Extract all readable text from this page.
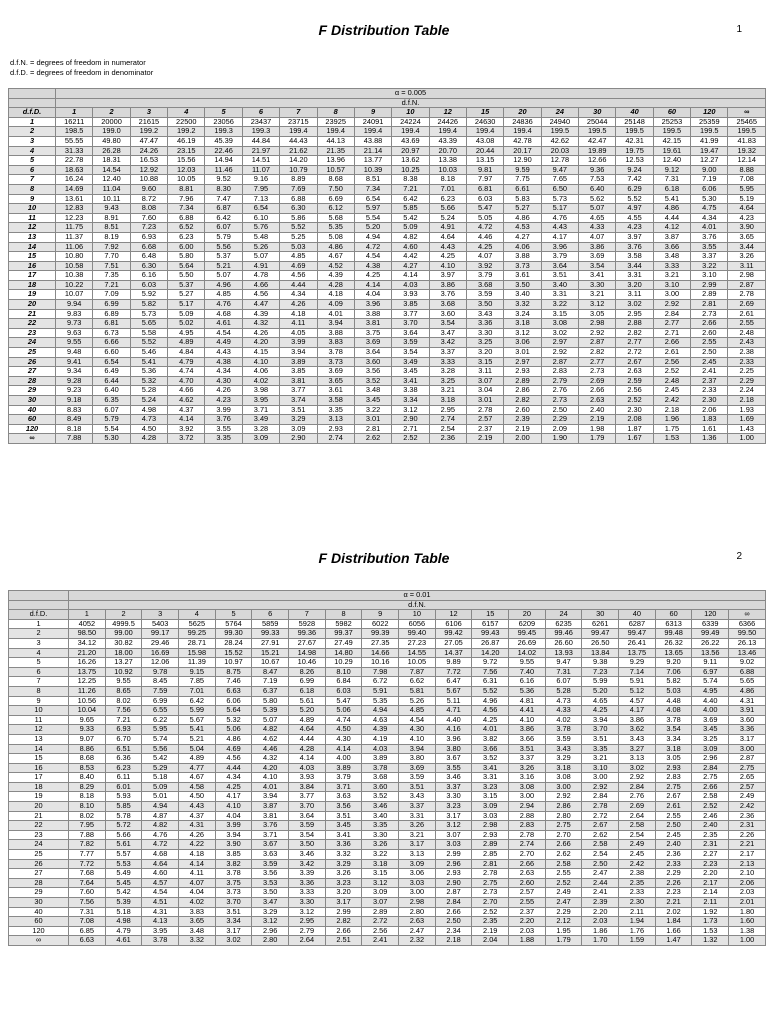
F Distribution Table	1
d.f.N. = degrees of freedom in numerator
d.f.D. = degrees of freedom in denominator
	α = 0.005																		
	d.f.N.																		
d.f.D.	1	2	3	4	5	6	7	8	9	10	12	15	20	24	30	40	60	120	∞
1	16211	20000	21615	22500	23056	23437	23715	23925	24091	24224	24426	24630	24836	24940	25044	25148	25253	25359	25465
2	198.5	199.0	199.2	199.2	199.3	199.3	199.4	199.4	199.4	199.4	199.4	199.4	199.4	199.5	199.5	199.5	199.5	199.5	199.5
3	55.55	49.80	47.47	46.19	45.39	44.84	44.43	44.13	43.88	43.69	43.39	43.08	42.78	42.62	42.47	42.31	42.15	41.99	41.83
4	31.33	26.28	24.26	23.15	22.46	21.97	21.62	21.35	21.14	20.97	20.70	20.44	20.17	20.03	19.89	19.75	19.61	19.47	19.32
5	22.78	18.31	16.53	15.56	14.94	14.51	14.20	13.96	13.77	13.62	13.38	13.15	12.90	12.78	12.66	12.53	12.40	12.27	12.14
6	18.63	14.54	12.92	12.03	11.46	11.07	10.79	10.57	10.39	10.25	10.03	9.81	9.59	9.47	9.36	9.24	9.12	9.00	8.88
7	16.24	12.40	10.88	10.05	9.52	9.16	8.89	8.68	8.51	8.38	8.18	7.97	7.75	7.65	7.53	7.42	7.31	7.19	7.08
8	14.69	11.04	9.60	8.81	8.30	7.95	7.69	7.50	7.34	7.21	7.01	6.81	6.61	6.50	6.40	6.29	6.18	6.06	5.95
9	13.61	10.11	8.72	7.96	7.47	7.13	6.88	6.69	6.54	6.42	6.23	6.03	5.83	5.73	5.62	5.52	5.41	5.30	5.19
10	12.83	9.43	8.08	7.34	6.87	6.54	6.30	6.12	5.97	5.85	5.66	5.47	5.27	5.17	5.07	4.97	4.86	4.75	4.64
11	12.23	8.91	7.60	6.88	6.42	6.10	5.86	5.68	5.54	5.42	5.24	5.05	4.86	4.76	4.65	4.55	4.44	4.34	4.23
12	11.75	8.51	7.23	6.52	6.07	5.76	5.52	5.35	5.20	5.09	4.91	4.72	4.53	4.43	4.33	4.23	4.12	4.01	3.90
13	11.37	8.19	6.93	6.23	5.79	5.48	5.25	5.08	4.94	4.82	4.64	4.46	4.27	4.17	4.07	3.97	3.87	3.76	3.65
14	11.06	7.92	6.68	6.00	5.56	5.26	5.03	4.86	4.72	4.60	4.43	4.25	4.06	3.96	3.86	3.76	3.66	3.55	3.44
15	10.80	7.70	6.48	5.80	5.37	5.07	4.85	4.67	4.54	4.42	4.25	4.07	3.88	3.79	3.69	3.58	3.48	3.37	3.26
16	10.58	7.51	6.30	5.64	5.21	4.91	4.69	4.52	4.38	4.27	4.10	3.92	3.73	3.64	3.54	3.44	3.33	3.22	3.11
17	10.38	7.35	6.16	5.50	5.07	4.78	4.56	4.39	4.25	4.14	3.97	3.79	3.61	3.51	3.41	3.31	3.21	3.10	2.98
18	10.22	7.21	6.03	5.37	4.96	4.66	4.44	4.28	4.14	4.03	3.86	3.68	3.50	3.40	3.30	3.20	3.10	2.99	2.87
19	10.07	7.09	5.92	5.27	4.85	4.56	4.34	4.18	4.04	3.93	3.76	3.59	3.40	3.31	3.21	3.11	3.00	2.89	2.78
20	9.94	6.99	5.82	5.17	4.76	4.47	4.26	4.09	3.96	3.85	3.68	3.50	3.32	3.22	3.12	3.02	2.92	2.81	2.69
21	9.83	6.89	5.73	5.09	4.68	4.39	4.18	4.01	3.88	3.77	3.60	3.43	3.24	3.15	3.05	2.95	2.84	2.73	2.61
22	9.73	6.81	5.65	5.02	4.61	4.32	4.11	3.94	3.81	3.70	3.54	3.36	3.18	3.08	2.98	2.88	2.77	2.66	2.55
23	9.63	6.73	5.58	4.95	4.54	4.26	4.05	3.88	3.75	3.64	3.47	3.30	3.12	3.02	2.92	2.82	2.71	2.60	2.48
24	9.55	6.66	5.52	4.89	4.49	4.20	3.99	3.83	3.69	3.59	3.42	3.25	3.06	2.97	2.87	2.77	2.66	2.55	2.43
25	9.48	6.60	5.46	4.84	4.43	4.15	3.94	3.78	3.64	3.54	3.37	3.20	3.01	2.92	2.82	2.72	2.61	2.50	2.38
26	9.41	6.54	5.41	4.79	4.38	4.10	3.89	3.73	3.60	3.49	3.33	3.15	2.97	2.87	2.77	2.67	2.56	2.45	2.33
27	9.34	6.49	5.36	4.74	4.34	4.06	3.85	3.69	3.56	3.45	3.28	3.11	2.93	2.83	2.73	2.63	2.52	2.41	2.25
28	9.28	6.44	5.32	4.70	4.30	4.02	3.81	3.65	3.52	3.41	3.25	3.07	2.89	2.79	2.69	2.59	2.48	2.37	2.29
29	9.23	6.40	5.28	4.66	4.26	3.98	3.77	3.61	3.48	3.38	3.21	3.04	2.86	2.76	2.66	2.56	2.45	2.33	2.24
30	9.18	6.35	5.24	4.62	4.23	3.95	3.74	3.58	3.45	3.34	3.18	3.01	2.82	2.73	2.63	2.52	2.42	2.30	2.18
40	8.83	6.07	4.98	4.37	3.99	3.71	3.51	3.35	3.22	3.12	2.95	2.78	2.60	2.50	2.40	2.30	2.18	2.06	1.93
60	8.49	5.79	4.73	4.14	3.76	3.49	3.29	3.13	3.01	2.90	2.74	2.57	2.39	2.29	2.19	2.08	1.96	1.83	1.69
120	8.18	5.54	4.50	3.92	3.55	3.28	3.09	2.93	2.81	2.71	2.54	2.37	2.19	2.09	1.98	1.87	1.75	1.61	1.43
∞	7.88	5.30	4.28	3.72	3.35	3.09	2.90	2.74	2.62	2.52	2.36	2.19	2.00	1.90	1.79	1.67	1.53	1.36	1.00
F Distribution Table	2
	α = 0.01																		
	d.f.N.																		
d.f.D.	1	2	3	4	5	6	7	8	9	10	12	15	20	24	30	40	60	120	∞
1	4052	4999.5	5403	5625	5764	5859	5928	5982	6022	6056	6106	6157	6209	6235	6261	6287	6313	6339	6366
2	98.50	99.00	99.17	99.25	99.30	99.33	99.36	99.37	99.39	99.40	99.42	99.43	99.45	99.46	99.47	99.47	99.48	99.49	99.50
3	34.12	30.82	29.46	28.71	28.24	27.91	27.67	27.49	27.35	27.23	27.05	26.87	26.69	26.60	26.50	26.41	26.32	26.22	26.13
4	21.20	18.00	16.69	15.98	15.52	15.21	14.98	14.80	14.66	14.55	14.37	14.20	14.02	13.93	13.84	13.75	13.65	13.56	13.46
5	16.26	13.27	12.06	11.39	10.97	10.67	10.46	10.29	10.16	10.05	9.89	9.72	9.55	9.47	9.38	9.29	9.20	9.11	9.02
6	13.75	10.92	9.78	9.15	8.75	8.47	8.26	8.10	7.98	7.87	7.72	7.56	7.40	7.31	7.23	7.14	7.06	6.97	6.88
7	12.25	9.55	8.45	7.85	7.46	7.19	6.99	6.84	6.72	6.62	6.47	6.31	6.16	6.07	5.99	5.91	5.82	5.74	5.65
8	11.26	8.65	7.59	7.01	6.63	6.37	6.18	6.03	5.91	5.81	5.67	5.52	5.36	5.28	5.20	5.12	5.03	4.95	4.86
9	10.56	8.02	6.99	6.42	6.06	5.80	5.61	5.47	5.35	5.26	5.11	4.96	4.81	4.73	4.65	4.57	4.48	4.40	4.31
10	10.04	7.56	6.55	5.99	5.64	5.39	5.20	5.06	4.94	4.85	4.71	4.56	4.41	4.33	4.25	4.17	4.08	4.00	3.91
11	9.65	7.21	6.22	5.67	5.32	5.07	4.89	4.74	4.63	4.54	4.40	4.25	4.10	4.02	3.94	3.86	3.78	3.69	3.60
12	9.33	6.93	5.95	5.41	5.06	4.82	4.64	4.50	4.39	4.30	4.16	4.01	3.86	3.78	3.70	3.62	3.54	3.45	3.36
13	9.07	6.70	5.74	5.21	4.86	4.62	4.44	4.30	4.19	4.10	3.96	3.82	3.66	3.59	3.51	3.43	3.34	3.25	3.17
14	8.86	6.51	5.56	5.04	4.69	4.46	4.28	4.14	4.03	3.94	3.80	3.66	3.51	3.43	3.35	3.27	3.18	3.09	3.00
15	8.68	6.36	5.42	4.89	4.56	4.32	4.14	4.00	3.89	3.80	3.67	3.52	3.37	3.29	3.21	3.13	3.05	2.96	2.87
16	8.53	6.23	5.29	4.77	4.44	4.20	4.03	3.89	3.78	3.69	3.55	3.41	3.26	3.18	3.10	3.02	2.93	2.84	2.75
17	8.40	6.11	5.18	4.67	4.34	4.10	3.93	3.79	3.68	3.59	3.46	3.31	3.16	3.08	3.00	2.92	2.83	2.75	2.65
18	8.29	6.01	5.09	4.58	4.25	4.01	3.84	3.71	3.60	3.51	3.37	3.23	3.08	3.00	2.92	2.84	2.75	2.66	2.57
19	8.18	5.93	5.01	4.50	4.17	3.94	3.77	3.63	3.52	3.43	3.30	3.15	3.00	2.92	2.84	2.76	2.67	2.58	2.49
20	8.10	5.85	4.94	4.43	4.10	3.87	3.70	3.56	3.46	3.37	3.23	3.09	2.94	2.86	2.78	2.69	2.61	2.52	2.42
21	8.02	5.78	4.87	4.37	4.04	3.81	3.64	3.51	3.40	3.31	3.17	3.03	2.88	2.80	2.72	2.64	2.55	2.46	2.36
22	7.95	5.72	4.82	4.31	3.99	3.76	3.59	3.45	3.35	3.26	3.12	2.98	2.83	2.75	2.67	2.58	2.50	2.40	2.31
23	7.88	5.66	4.76	4.26	3.94	3.71	3.54	3.41	3.30	3.21	3.07	2.93	2.78	2.70	2.62	2.54	2.45	2.35	2.26
24	7.82	5.61	4.72	4.22	3.90	3.67	3.50	3.36	3.26	3.17	3.03	2.89	2.74	2.66	2.58	2.49	2.40	2.31	2.21
25	7.77	5.57	4.68	4.18	3.85	3.63	3.46	3.32	3.22	3.13	2.99	2.85	2.70	2.62	2.54	2.45	2.36	2.27	2.17
26	7.72	5.53	4.64	4.14	3.82	3.59	3.42	3.29	3.18	3.09	2.96	2.81	2.66	2.58	2.50	2.42	2.33	2.23	2.13
27	7.68	5.49	4.60	4.11	3.78	3.56	3.39	3.26	3.15	3.06	2.93	2.78	2.63	2.55	2.47	2.38	2.29	2.20	2.10
28	7.64	5.45	4.57	4.07	3.75	3.53	3.36	3.23	3.12	3.03	2.90	2.75	2.60	2.52	2.44	2.35	2.26	2.17	2.06
29	7.60	5.42	4.54	4.04	3.73	3.50	3.33	3.20	3.09	3.00	2.87	2.73	2.57	2.49	2.41	2.33	2.23	2.14	2.03
30	7.56	5.39	4.51	4.02	3.70	3.47	3.30	3.17	3.07	2.98	2.84	2.70	2.55	2.47	2.39	2.30	2.21	2.11	2.01
40	7.31	5.18	4.31	3.83	3.51	3.29	3.12	2.99	2.89	2.80	2.66	2.52	2.37	2.29	2.20	2.11	2.02	1.92	1.80
60	7.08	4.98	4.13	3.65	3.34	3.12	2.95	2.82	2.72	2.63	2.50	2.35	2.20	2.12	2.03	1.94	1.84	1.73	1.60
120	6.85	4.79	3.95	3.48	3.17	2.96	2.79	2.66	2.56	2.47	2.34	2.19	2.03	1.95	1.86	1.76	1.66	1.53	1.38
∞	6.63	4.61	3.78	3.32	3.02	2.80	2.64	2.51	2.41	2.32	2.18	2.04	1.88	1.79	1.70	1.59	1.47	1.32	1.00
